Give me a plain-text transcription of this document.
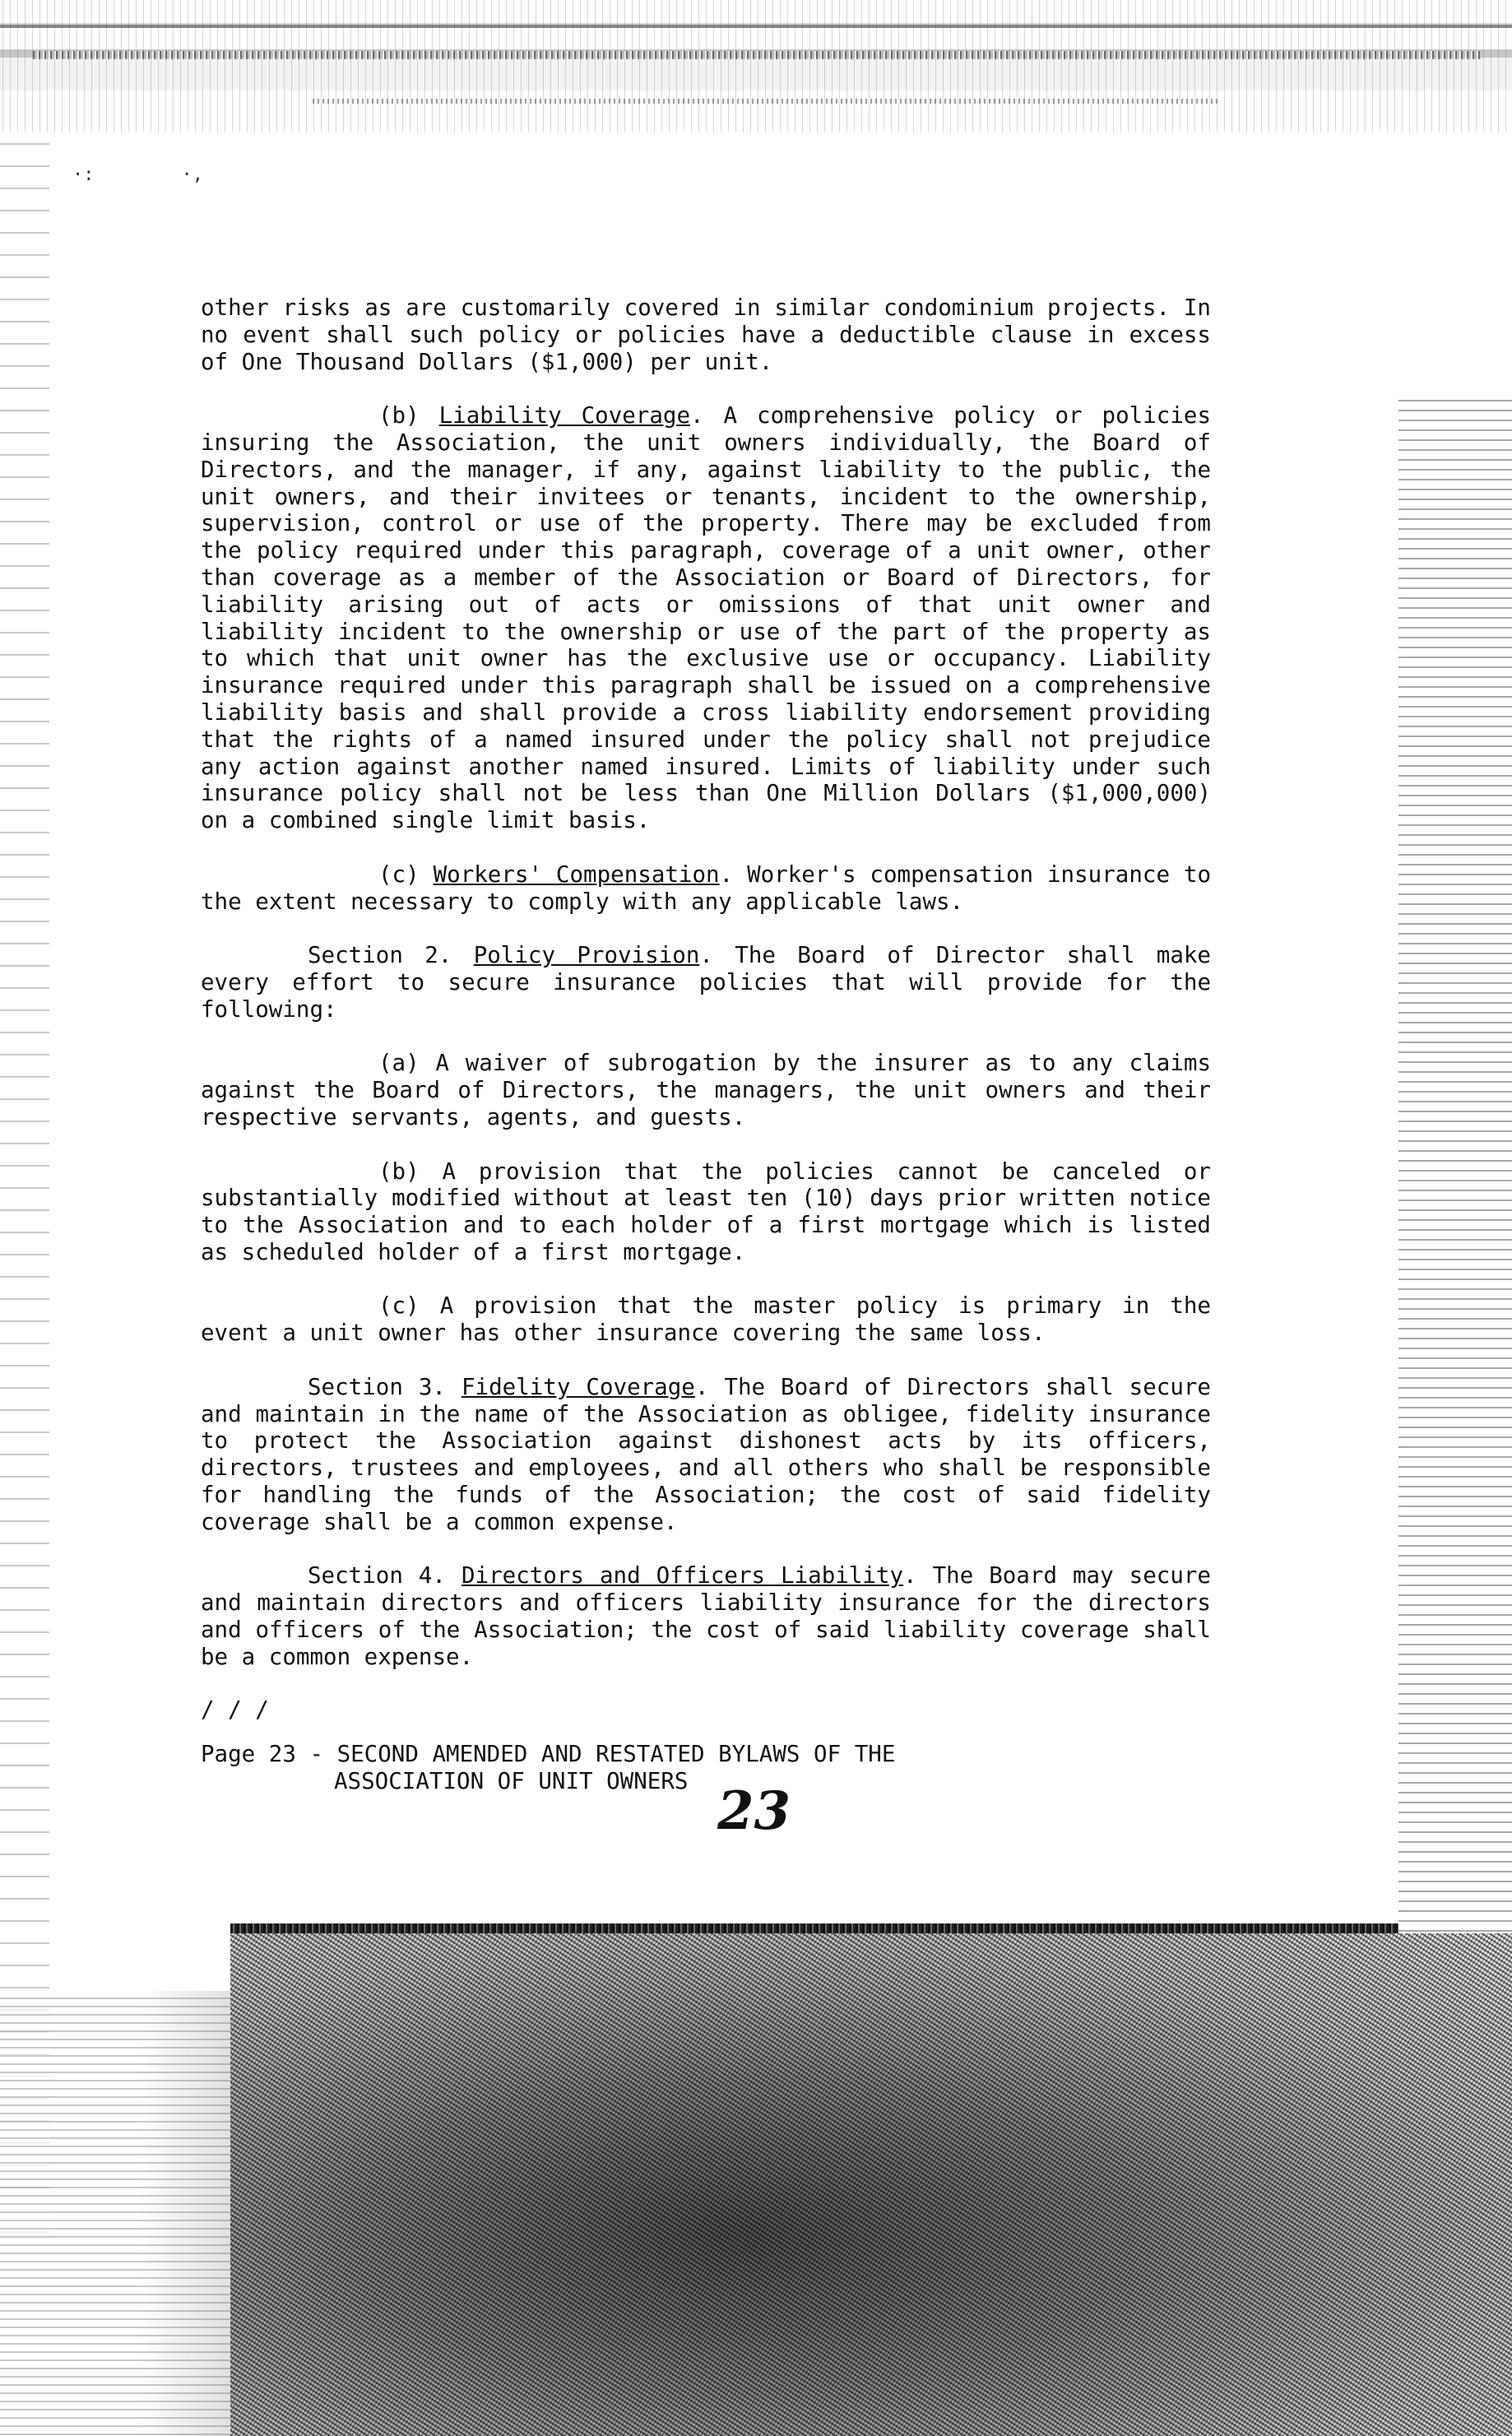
·:        ·,

other risks as are customarily covered in similar condominium projects. In no event shall such policy or policies have a deductible clause in excess of One Thousand Dollars ($1,000) per unit.

(b) Liability Coverage. A comprehensive policy or policies insuring the Association, the unit owners individually, the Board of Directors, and the manager, if any, against liability to the public, the unit owners, and their invitees or tenants, incident to the ownership, supervision, control or use of the property. There may be excluded from the policy required under this paragraph, coverage of a unit owner, other than coverage as a member of the Association or Board of Directors, for liability arising out of acts or omissions of that unit owner and liability incident to the ownership or use of the part of the property as to which that unit owner has the exclusive use or occupancy. Liability insurance required under this paragraph shall be issued on a comprehensive liability basis and shall provide a cross liability endorsement providing that the rights of a named insured under the policy shall not prejudice any action against another named insured. Limits of liability under such insurance policy shall not be less than One Million Dollars ($1,000,000) on a combined single limit basis.

(c) Workers' Compensation. Worker's compensation insurance to the extent necessary to comply with any applicable laws.

Section 2. Policy Provision. The Board of Director shall make every effort to secure insurance policies that will provide for the following:

(a) A waiver of subrogation by the insurer as to any claims against the Board of Directors, the managers, the unit owners and their respective servants, agents, and guests.

(b) A provision that the policies cannot be canceled or substantially modified without at least ten (10) days prior written notice to the Association and to each holder of a first mortgage which is listed as scheduled holder of a first mortgage.

(c) A provision that the master policy is primary in the event a unit owner has other insurance covering the same loss.

Section 3. Fidelity Coverage. The Board of Directors shall secure and maintain in the name of the Association as obligee, fidelity insurance to protect the Association against dishonest acts by its officers, directors, trustees and employees, and all others who shall be responsible for handling the funds of the Association; the cost of said fidelity coverage shall be a common expense.

Section 4. Directors and Officers Liability. The Board may secure and maintain directors and officers liability insurance for the directors and officers of the Association; the cost of said liability coverage shall be a common expense.

/ / /
Page 23 - SECOND AMENDED AND RESTATED BYLAWS OF THE
ASSOCIATION OF UNIT OWNERS 23
